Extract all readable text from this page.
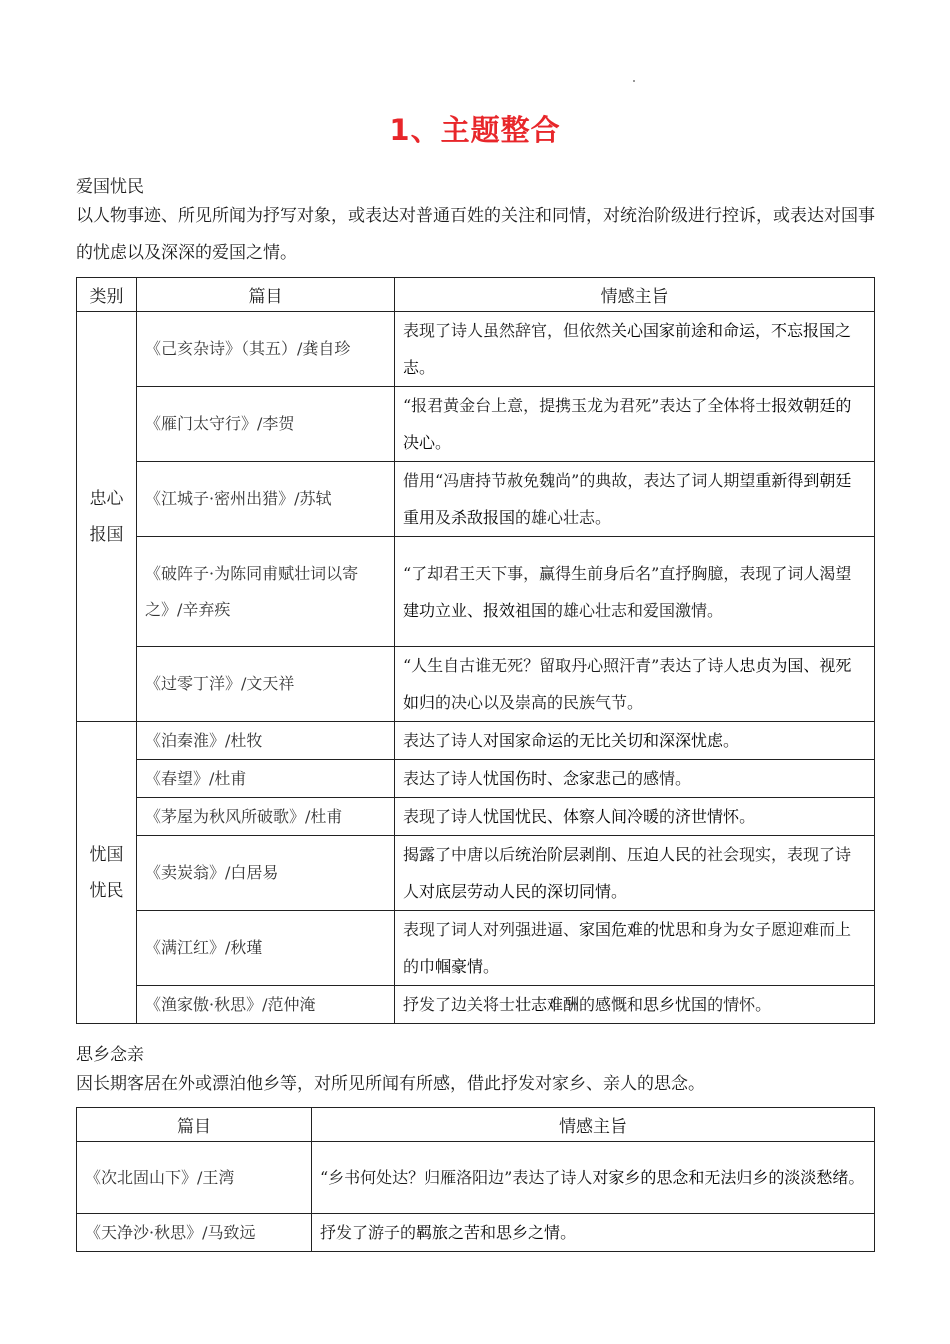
1、主题整合
爱国忧民
以人物事迹、所见所闻为抒写对象，或表达对普通百姓的关注和同情，对统治阶级进行控诉，或表达对国事的忧虑以及深深的爱国之情。
类别	篇目	情感主旨
忠心报国	《己亥杂诗》（其五）/龚自珍	表现了诗人虽然辞官，但依然关心国家前途和命运，不忘报国之志。
	《雁门太守行》/李贺	“报君黄金台上意，提携玉龙为君死”表达了全体将士报效朝廷的决心。
	《江城子·密州出猎》/苏轼	借用“冯唐持节赦免魏尚”的典故，表达了词人期望重新得到朝廷重用及杀敌报国的雄心壮志。
	《破阵子·为陈同甫赋壮词以寄之》/辛弃疾	“了却君王天下事，赢得生前身后名”直抒胸臆，表现了词人渴望建功立业、报效祖国的雄心壮志和爱国激情。
	《过零丁洋》/文天祥	“人生自古谁无死？留取丹心照汗青”表达了诗人忠贞为国、视死如归的决心以及崇高的民族气节。
忧国忧民	《泊秦淮》/杜牧	表达了诗人对国家命运的无比关切和深深忧虑。
	《春望》/杜甫	表达了诗人忧国伤时、念家悲己的感情。
	《茅屋为秋风所破歌》/杜甫	表现了诗人忧国忧民、体察人间冷暖的济世情怀。
	《卖炭翁》/白居易	揭露了中唐以后统治阶层剥削、压迫人民的社会现实，表现了诗人对底层劳动人民的深切同情。
	《满江红》/秋瑾	表现了词人对列强进逼、家国危难的忧思和身为女子愿迎难而上的巾帼豪情。
	《渔家傲·秋思》/范仲淹	抒发了边关将士壮志难酬的感慨和思乡忧国的情怀。
思乡念亲
因长期客居在外或漂泊他乡等，对所见所闻有所感，借此抒发对家乡、亲人的思念。
篇目	情感主旨
《次北固山下》/王湾	“乡书何处达？归雁洛阳边”表达了诗人对家乡的思念和无法归乡的淡淡愁绪。
《天净沙·秋思》/马致远	抒发了游子的羁旅之苦和思乡之情。
